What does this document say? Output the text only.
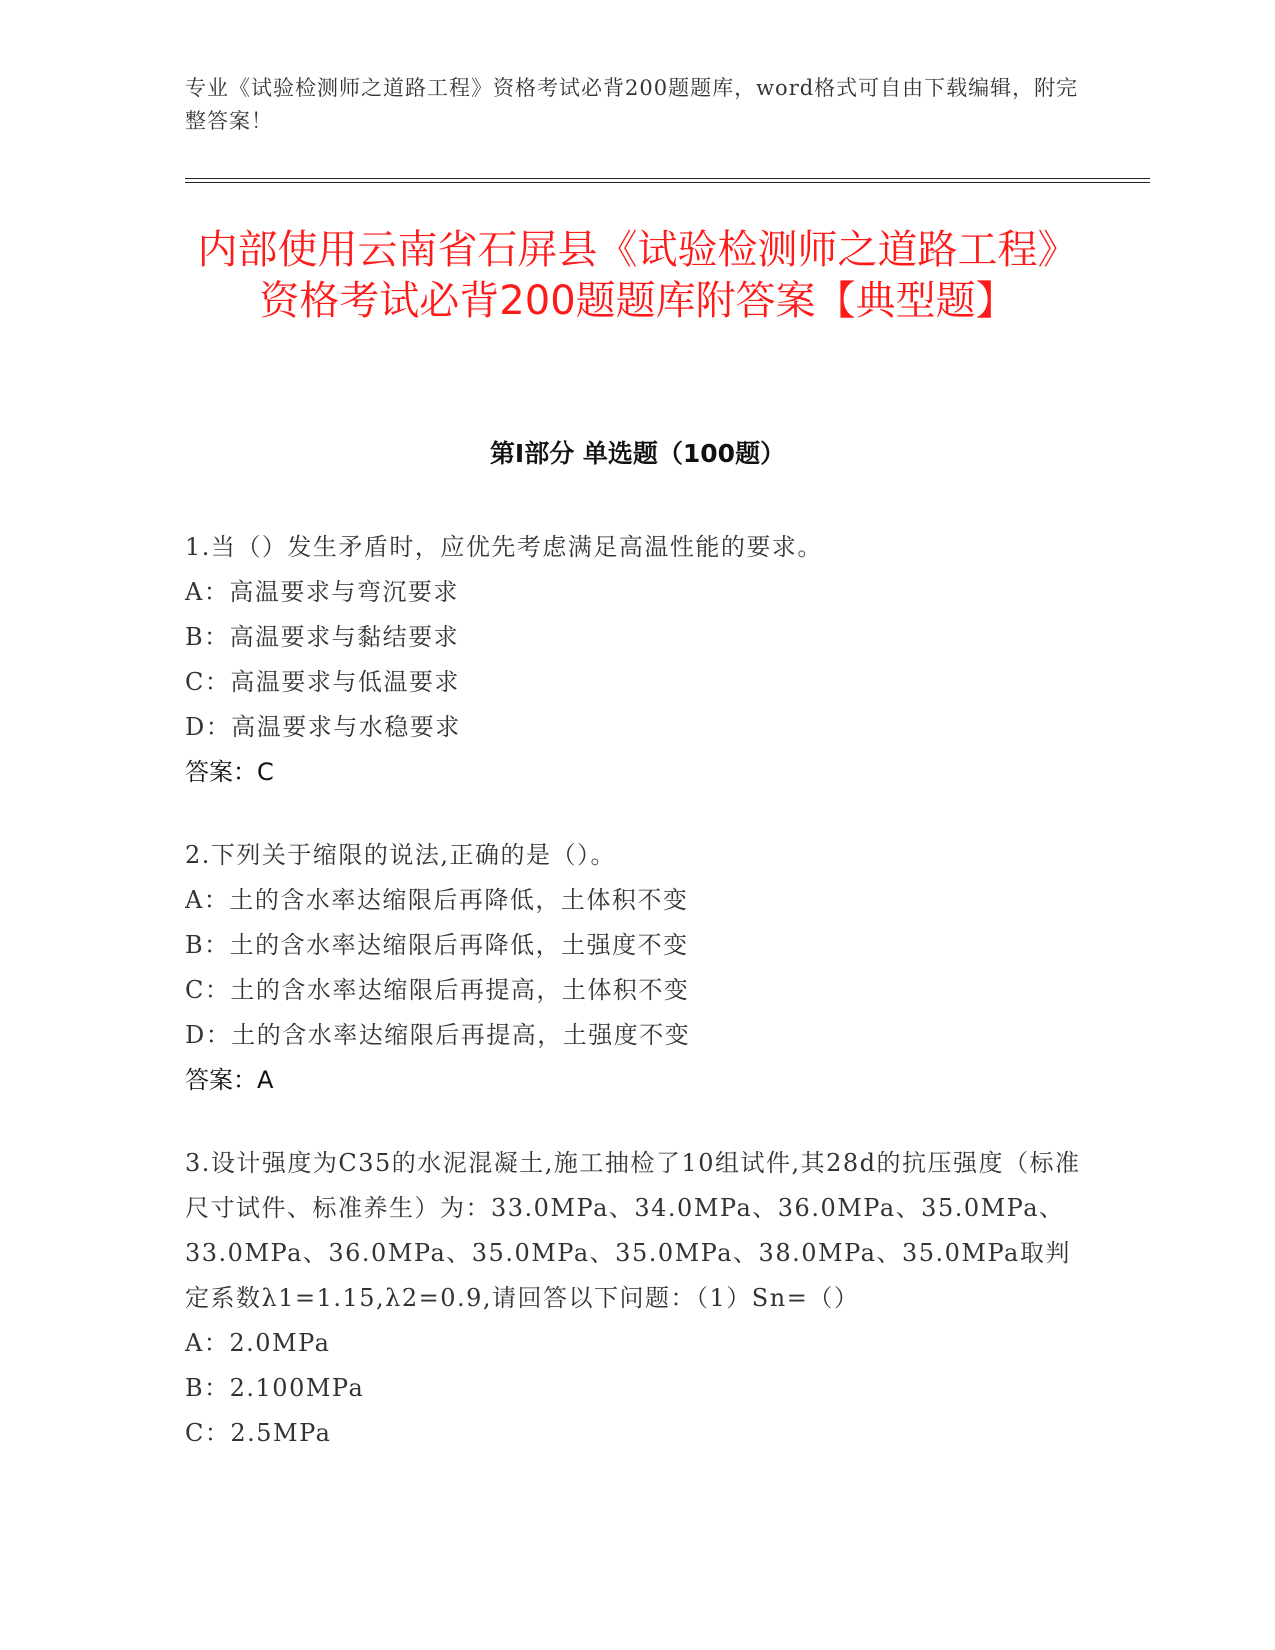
专业《试验检测师之道路工程》资格考试必背200题题库，word格式可自由下载编辑，附完整答案！
内部使用云南省石屏县《试验检测师之道路工程》资格考试必背200题题库附答案【典型题】
第I部分 单选题（100题）

1.当（）发生矛盾时，应优先考虑满足高温性能的要求。

A：高温要求与弯沉要求

B：高温要求与黏结要求

C：高温要求与低温要求

D：高温要求与水稳要求

答案：C

2.下列关于缩限的说法,正确的是（）。

A：土的含水率达缩限后再降低，土体积不变

B：土的含水率达缩限后再降低，土强度不变

C：土的含水率达缩限后再提高，土体积不变

D：土的含水率达缩限后再提高，土强度不变

答案：A

3.设计强度为C35的水泥混凝土,施工抽检了10组试件,其28d的抗压强度（标准尺寸试件、标准养生）为：33.0MPa、34.0MPa、36.0MPa、35.0MPa、33.0MPa、36.0MPa、35.0MPa、35.0MPa、38.0MPa、35.0MPa取判定系数λ1=1.15,λ2=0.9,请回答以下问题：（1）Sn=（）

A：2.0MPa

B：2.100MPa

C：2.5MPa
